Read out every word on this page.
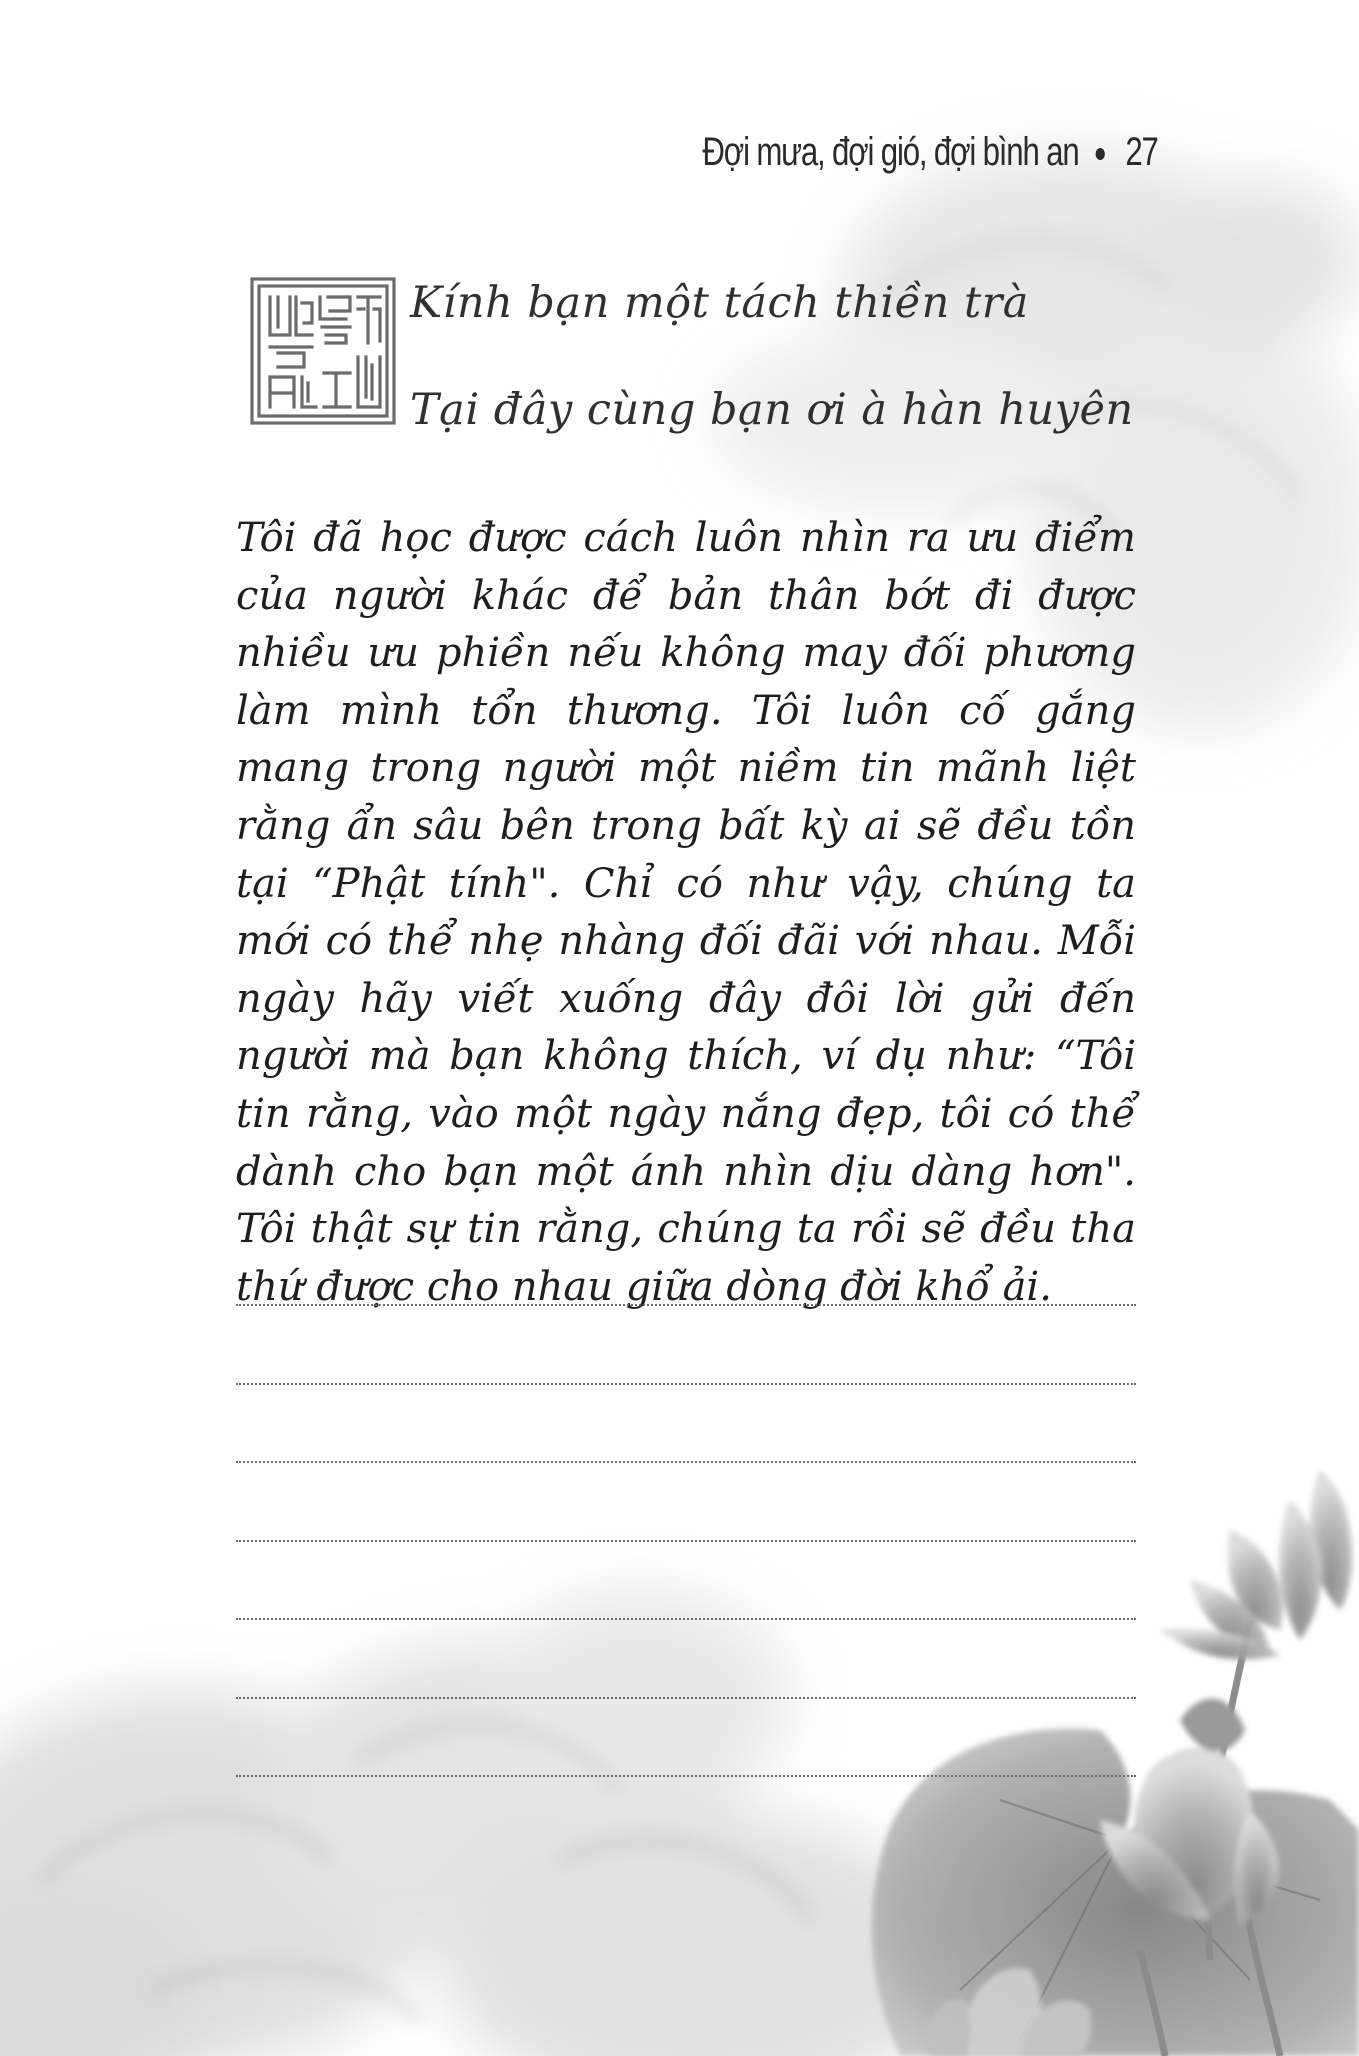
Đợi mưa, đợi gió, đợi bình an 27
Kính bạn một tách thiền trà
Tại đây cùng bạn ơi à hàn huyên
Tôi đã học được cách luôn nhìn ra ưu điểm của người khác để bản thân bớt đi được nhiều ưu phiền nếu không may đối phương làm mình tổn thương. Tôi luôn cố gắng mang trong người một niềm tin mãnh liệt rằng ẩn sâu bên trong bất kỳ ai sẽ đều tồn tại “Phật tính". Chỉ có như vậy, chúng ta mới có thể nhẹ nhàng đối đãi với nhau. Mỗi ngày hãy viết xuống đây đôi lời gửi đến người mà bạn không thích, ví dụ như: “Tôi tin rằng, vào một ngày nắng đẹp, tôi có thể dành cho bạn một ánh nhìn dịu dàng hơn". Tôi thật sự tin rằng, chúng ta rồi sẽ đều tha thứ được cho nhau giữa dòng đời khổ ải.
